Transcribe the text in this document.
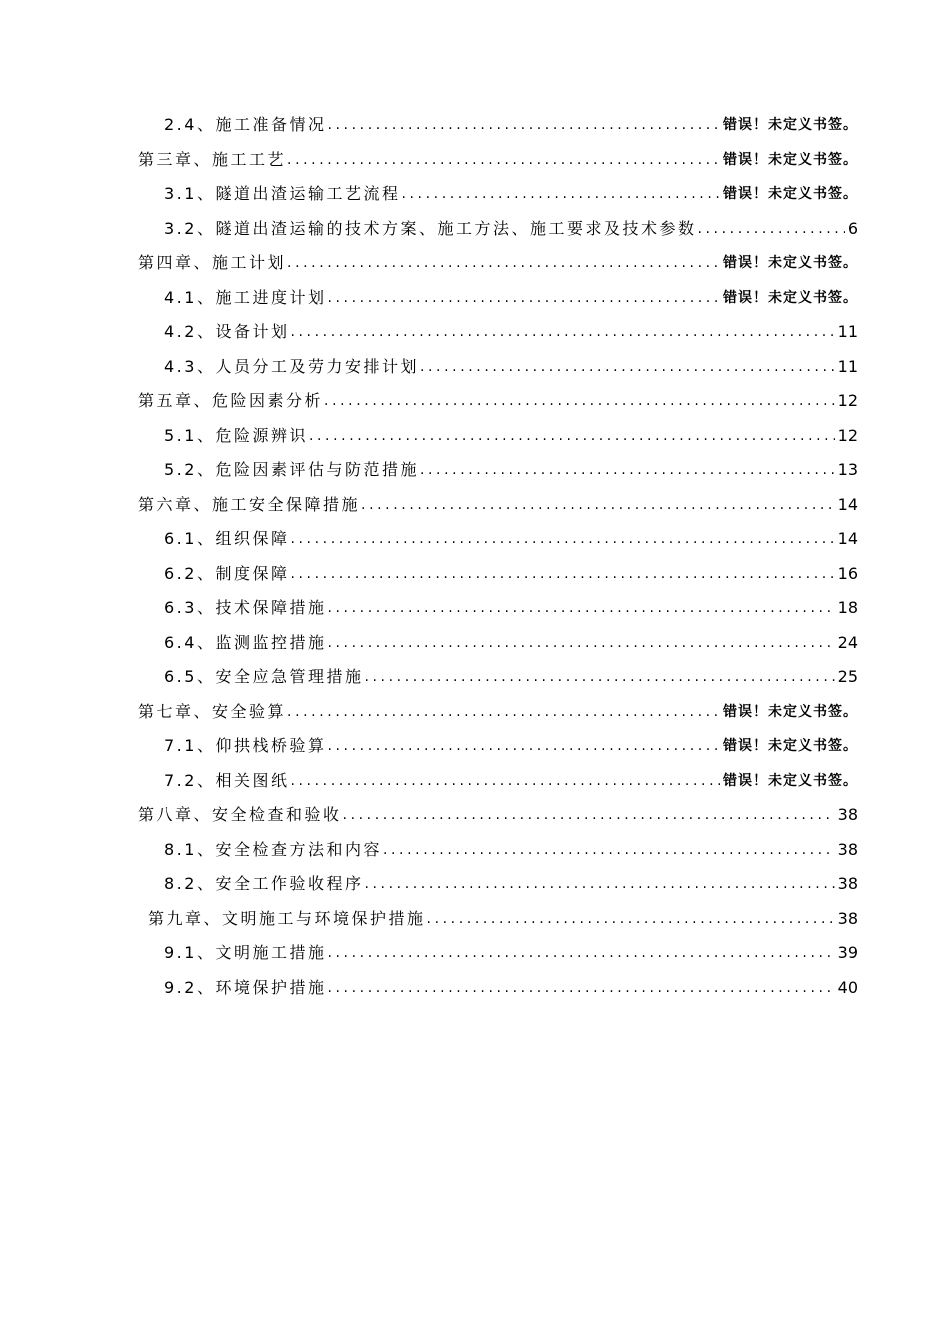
2.4、施工准备情况 .....	错误！未定义书签。
第三章、施工工艺 .....	错误！未定义书签。
3.1、隧道出渣运输工艺流程 .....	错误！未定义书签。
3.2、隧道出渣运输的技术方案、施工方法、施工要求及技术参数 .....	6
第四章、施工计划 .....	错误！未定义书签。
4.1、施工进度计划 .....	错误！未定义书签。
4.2、设备计划 .....	11
4.3、人员分工及劳力安排计划 .....	11
第五章、危险因素分析 .....	12
5.1、危险源辨识 .....	12
5.2、危险因素评估与防范措施 .....	13
第六章、施工安全保障措施 .....	14
6.1、组织保障 .....	14
6.2、制度保障 .....	16
6.3、技术保障措施 .....	18
6.4、监测监控措施 .....	24
6.5、安全应急管理措施 .....	25
第七章、安全验算 .....	错误！未定义书签。
7.1、仰拱栈桥验算 .....	错误！未定义书签。
7.2、相关图纸 .....	错误！未定义书签。
第八章、安全检查和验收 .....	38
8.1、安全检查方法和内容 .....	38
8.2、安全工作验收程序 .....	38
第九章、文明施工与环境保护措施 .....	38
9.1、文明施工措施 .....	39
9.2、环境保护措施 .....	40
